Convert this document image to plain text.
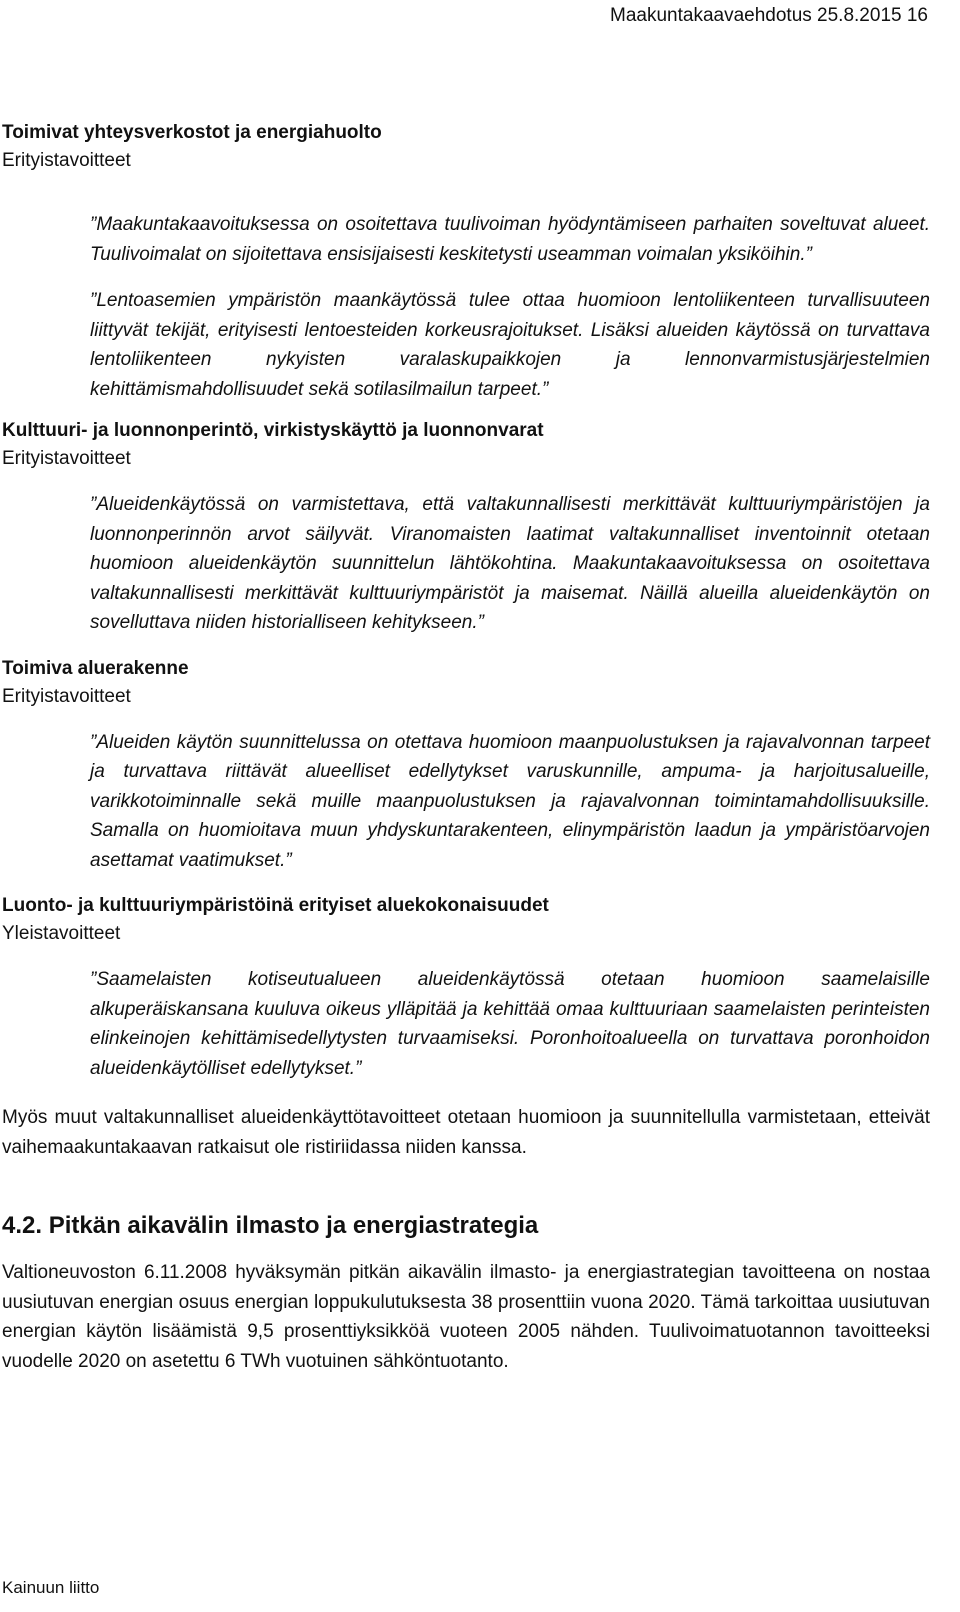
Maakuntakaavaehdotus 25.8.2015 16

Toimivat yhteysverkostot ja energiahuolto

Erityistavoitteet

”Maakuntakaavoituksessa on osoitettava tuulivoiman hyödyntämiseen parhaiten soveltuvat alueet. Tuulivoimalat on sijoitettava ensisijaisesti keskitetysti useamman voimalan yksiköihin.”

”Lentoasemien ympäristön maankäytössä tulee ottaa huomioon lentoliikenteen turvallisuuteen liittyvät tekijät, erityisesti lentoesteiden korkeusrajoitukset. Lisäksi alueiden käytössä on turvattava lentoliikenteen nykyisten varalaskupaikkojen ja lennonvarmistusjärjestelmien kehittämismahdollisuudet sekä sotilasilmailun tarpeet.”

Kulttuuri- ja luonnonperintö, virkistyskäyttö ja luonnonvarat

Erityistavoitteet

”Alueidenkäytössä on varmistettava, että valtakunnallisesti merkittävät kulttuuriympäristöjen ja luonnonperinnön arvot säilyvät. Viranomaisten laatimat valtakunnalliset inventoinnit otetaan huomioon alueidenkäytön suunnittelun lähtökohtina. Maakuntakaavoituksessa on osoitettava valtakunnallisesti merkittävät kulttuuriympäristöt ja maisemat. Näillä alueilla alueidenkäytön on sovelluttava niiden historialliseen kehitykseen.”

Toimiva aluerakenne

Erityistavoitteet

”Alueiden käytön suunnittelussa on otettava huomioon maanpuolustuksen ja rajavalvonnan tarpeet ja turvattava riittävät alueelliset edellytykset varuskunnille, ampuma- ja harjoitusalueille, varikkotoiminnalle sekä muille maanpuolustuksen ja rajavalvonnan toimintamahdollisuuksille. Samalla on huomioitava muun yhdyskuntarakenteen, elinympäristön laadun ja ympäristöarvojen asettamat vaatimukset.”

Luonto- ja kulttuuriympäristöinä erityiset aluekokonaisuudet

Yleistavoitteet

”Saamelaisten kotiseutualueen alueidenkäytössä otetaan huomioon saamelaisille alkuperäiskansana kuuluva oikeus ylläpitää ja kehittää omaa kulttuuriaan saamelaisten perinteisten elinkeinojen kehittämisedellytysten turvaamiseksi. Poronhoitoalueella on turvattava poronhoidon alueidenkäytölliset edellytykset.”

Myös muut valtakunnalliset alueidenkäyttötavoitteet otetaan huomioon ja suunnitellulla varmistetaan, etteivät vaihemaakuntakaavan ratkaisut ole ristiriidassa niiden kanssa.

4.2. Pitkän aikavälin ilmasto ja energiastrategia

Valtioneuvoston 6.11.2008 hyväksymän pitkän aikavälin ilmasto- ja energiastrategian tavoitteena on nostaa uusiutuvan energian osuus energian loppukulutuksesta 38 prosenttiin vuona 2020. Tämä tarkoittaa uusiutuvan energian käytön lisäämistä 9,5 prosenttiyksikköä vuoteen 2005 nähden. Tuulivoimatuotannon tavoitteeksi vuodelle 2020 on asetettu 6 TWh vuotuinen sähköntuotanto.

Kainuun liitto
